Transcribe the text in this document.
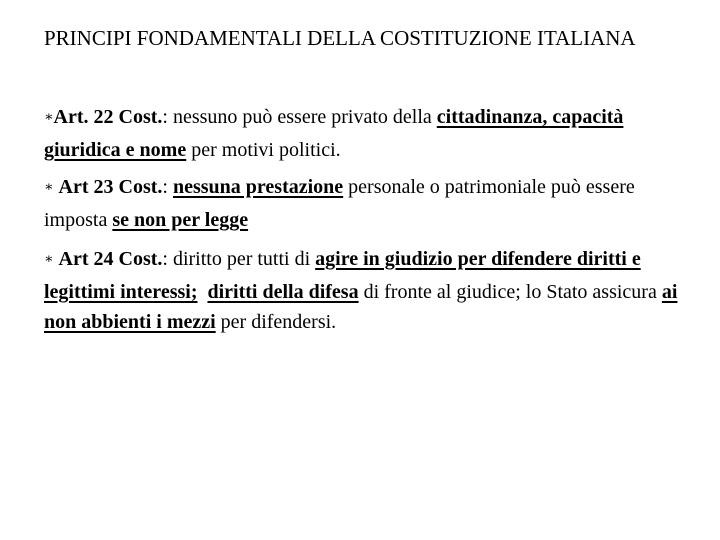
PRINCIPI FONDAMENTALI DELLA COSTITUZIONE ITALIANA
∗Art. 22 Cost.: nessuno può essere privato della cittadinanza, capacità giuridica e nome per motivi politici.
∗ Art 23 Cost.: nessuna prestazione personale o patrimoniale può essere imposta se non per legge
∗ Art 24 Cost.: diritto per tutti di agire in giudizio per difendere diritti e legittimi interessi; diritti della difesa di fronte al giudice; lo Stato assicura ai non abbienti i mezzi per difendersi.
